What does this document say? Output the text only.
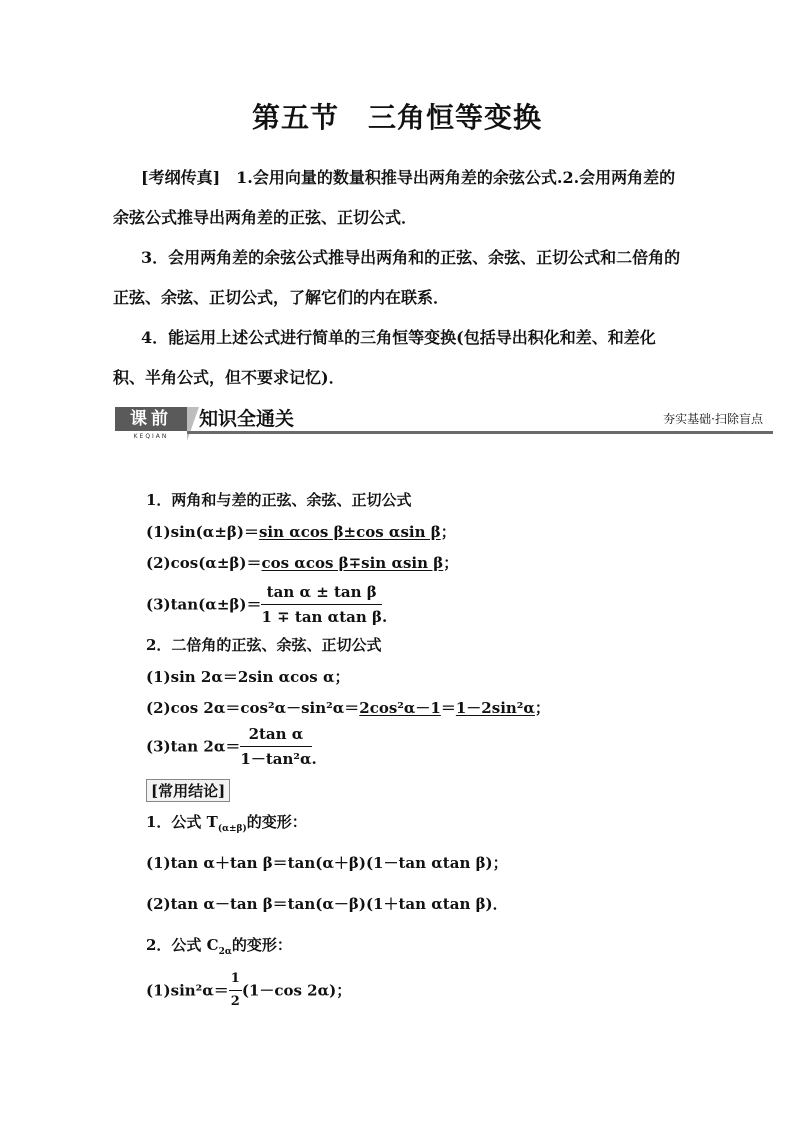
第五节　三角恒等变换
[考纲传真]　 1.会用向量的数量积推导出两角差的余弦公式.2.会用两角差的余弦公式推导出两角差的正弦、正切公式．
3．会用两角差的余弦公式推导出两角和的正弦、余弦、正切公式和二倍角的正弦、余弦、正切公式，了解它们的内在联系．
4．能运用上述公式进行简单的三角恒等变换(包括导出积化和差、和差化积、半角公式，但不要求记忆)．
课前
KEQIAN
知识全通关	夯实基础·扫除盲点
1．两角和与差的正弦、余弦、正切公式
(1)sin(α±β)＝sin αcos β±cos αsin β；
(2)cos(α±β)＝cos αcos β∓sin αsin β；
$(3)\tan(\alpha\pm\beta)= \frac{\text{tan α ± tan β}}{\text{1 ∓ tan αtan β}}$ .
2．二倍角的正弦、余弦、正切公式
(1)sin 2α＝2sin αcos α；
(2)cos 2α＝cos²α－sin²α＝2cos²α－1＝1－2sin²α；
(3)tan $2\alpha= \frac{\text{2tan α}}{\text{1－tan²α}}$ .
[常用结论]
1．公式 $T_{(\alpha\pm\beta)}$的变形：
(1)tan α＋tan β＝tan(α＋β)(1－tan αtan β)；
(2)tan α－tan β＝tan(α－β)(1＋tan αtan β)．
2．公式 $C_{2\alpha}$的变形：
$(1)\sin^2\alpha= \frac{1}{2} (1-\cos$ 2α)；
